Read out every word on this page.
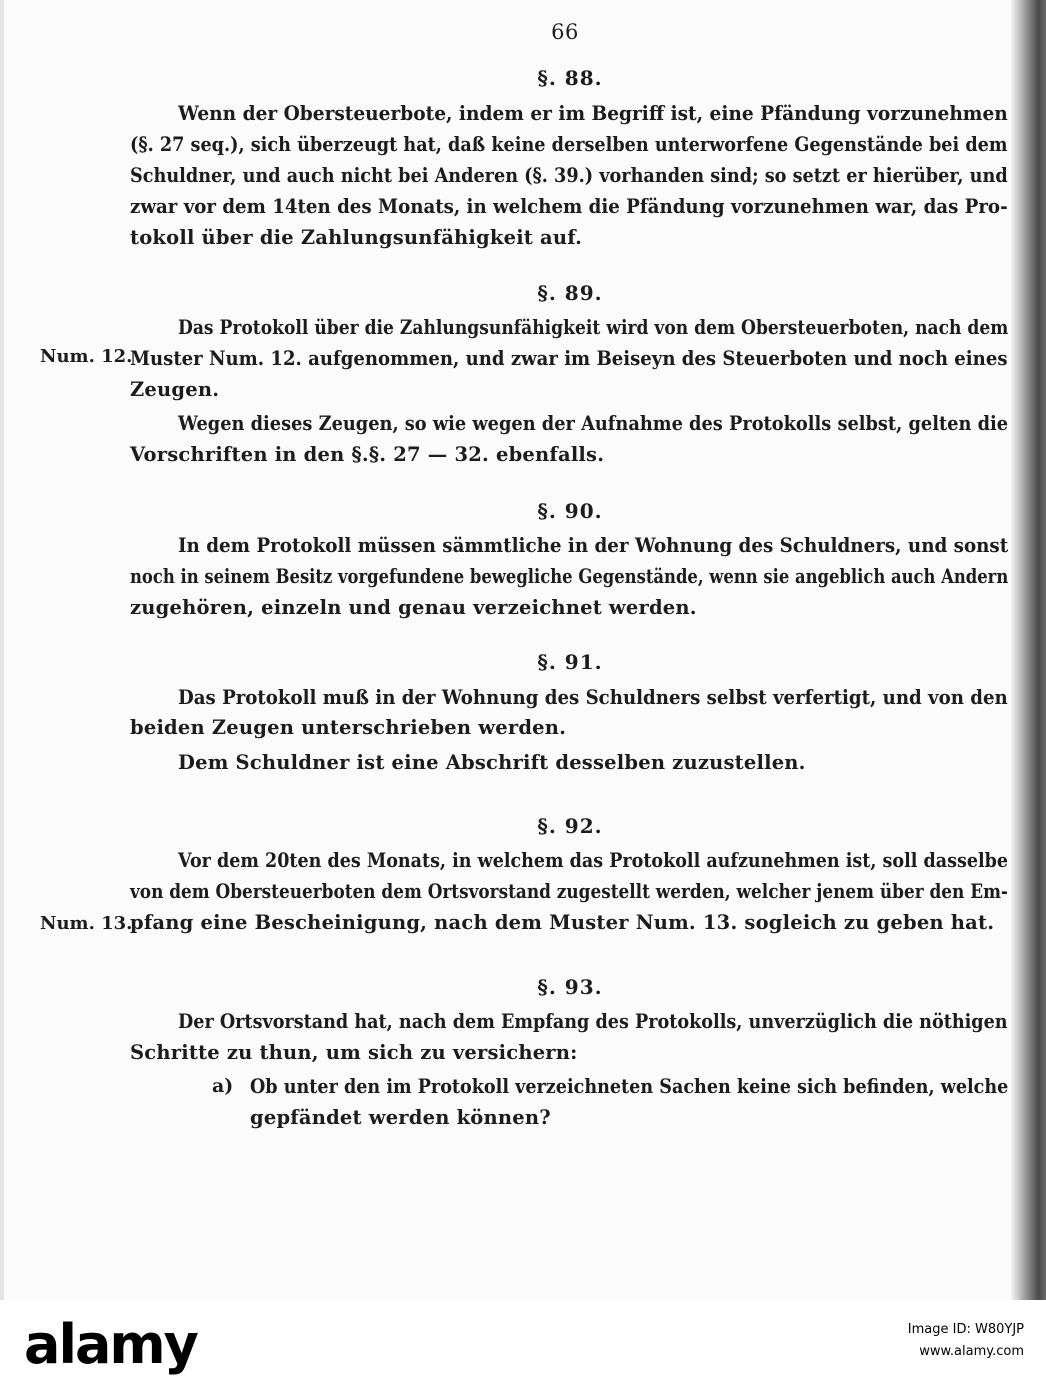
66
§. 88.
Wenn der Obersteuerbote, indem er im Begriff ist, eine Pfändung vorzunehmen
(§. 27 seq.), sich überzeugt hat, daß keine derselben unterworfene Gegenstände bei dem
Schuldner, und auch nicht bei Anderen (§. 39.) vorhanden sind; so setzt er hierüber, und
zwar vor dem 14ten des Monats, in welchem die Pfändung vorzunehmen war, das Pro-
tokoll über die Zahlungsunfähigkeit auf.
§. 89.
Num. 12.
Das Protokoll über die Zahlungsunfähigkeit wird von dem Obersteuerboten, nach dem
Muster Num. 12. aufgenommen, und zwar im Beiseyn des Steuerboten und noch eines
Zeugen.
Wegen dieses Zeugen, so wie wegen der Aufnahme des Protokolls selbst, gelten die
Vorschriften in den §.§. 27 — 32. ebenfalls.
§. 90.
In dem Protokoll müssen sämmtliche in der Wohnung des Schuldners, und sonst
noch in seinem Besitz vorgefundene bewegliche Gegenstände, wenn sie angeblich auch Andern
zugehören, einzeln und genau verzeichnet werden.
§. 91.
Das Protokoll muß in der Wohnung des Schuldners selbst verfertigt, und von den
beiden Zeugen unterschrieben werden.
Dem Schuldner ist eine Abschrift desselben zuzustellen.
§. 92.
Num. 13.
Vor dem 20ten des Monats, in welchem das Protokoll aufzunehmen ist, soll dasselbe
von dem Obersteuerboten dem Ortsvorstand zugestellt werden, welcher jenem über den Em-
pfang eine Bescheinigung, nach dem Muster Num. 13. sogleich zu geben hat.
§. 93.
Der Ortsvorstand hat, nach dem Empfang des Protokolls, unverzüglich die nöthigen
Schritte zu thun, um sich zu versichern:
a) Ob unter den im Protokoll verzeichneten Sachen keine sich befinden, welche
gepfändet werden können?
alamy	Image ID: W80YJP
www.alamy.com
